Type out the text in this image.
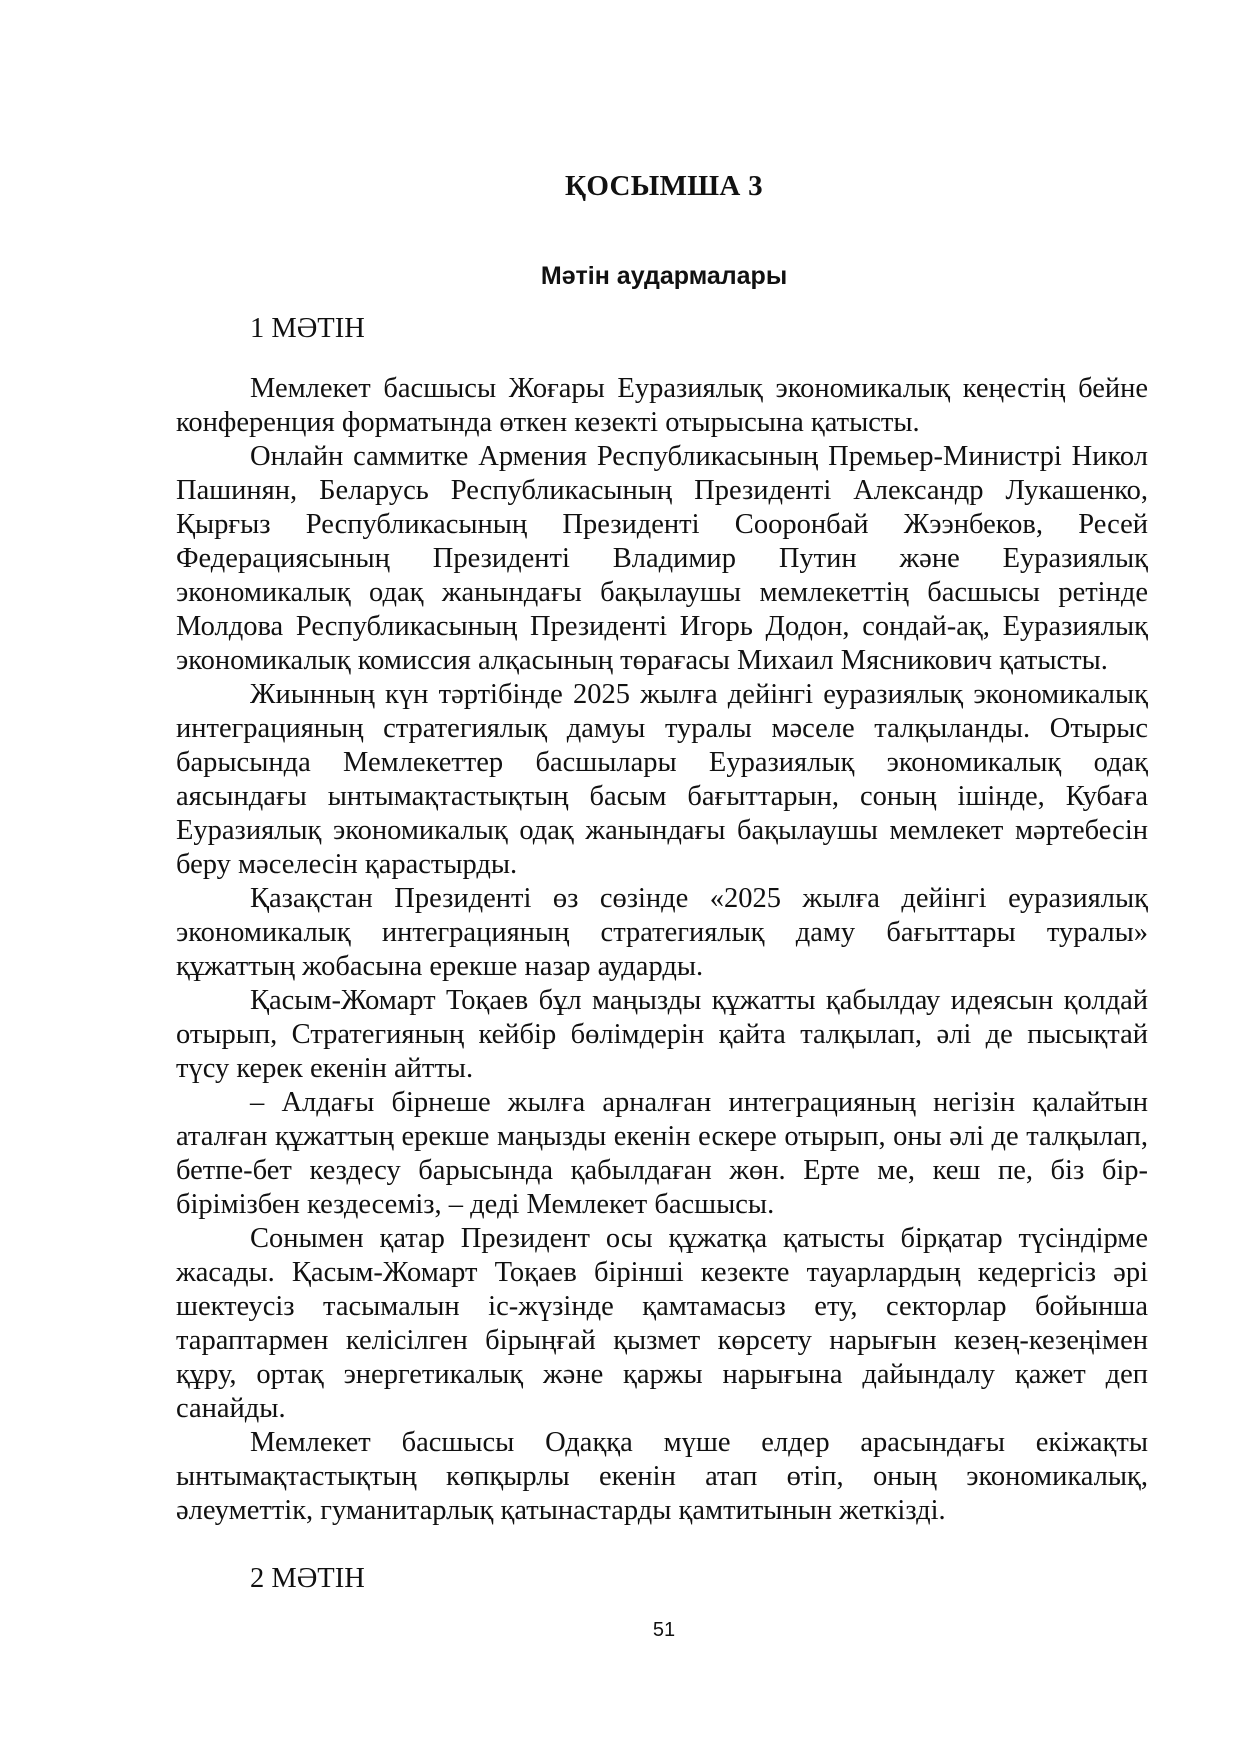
ҚОСЫМША 3
Мәтін аудармалары

1 МӘТІН

Мемлекет басшысы Жоғары Еуразиялық экономикалық кеңестің бейне конференция форматында өткен кезекті отырысына қатысты.

Онлайн саммитке Армения Республикасының Премьер-Министрі Никол Пашинян, Беларусь Республикасының Президенті Александр Лукашенко, Қырғыз Республикасының Президенті Сооронбай Жээнбеков, Ресей Федерациясының Президенті Владимир Путин және Еуразиялық экономикалық одақ жанындағы бақылаушы мемлекеттің басшысы ретінде Молдова Республикасының Президенті Игорь Додон, сондай-ақ, Еуразиялық экономикалық комиссия алқасының төрағасы Михаил Мясникович қатысты.

Жиынның күн тәртібінде 2025 жылға дейінгі еуразиялық экономикалық интеграцияның стратегиялық дамуы туралы мәселе талқыланды. Отырыс барысында Мемлекеттер басшылары Еуразиялық экономикалық одақ аясындағы ынтымақтастықтың басым бағыттарын, соның ішінде, Кубаға Еуразиялық экономикалық одақ жанындағы бақылаушы мемлекет мәртебесін беру мәселесін қарастырды.

Қазақстан Президенті өз сөзінде «2025 жылға дейінгі еуразиялық экономикалық интеграцияның стратегиялық даму бағыттары туралы» құжаттың жобасына ерекше назар аударды.

Қасым-Жомарт Тоқаев бұл маңызды құжатты қабылдау идеясын қолдай отырып, Стратегияның кейбір бөлімдерін қайта талқылап, әлі де пысықтай түсу керек екенін айтты.

– Алдағы бірнеше жылға арналған интеграцияның негізін қалайтын аталған құжаттың ерекше маңызды екенін ескере отырып, оны әлі де талқылап, бетпе-бет кездесу барысында қабылдаған жөн. Ерте ме, кеш пе, біз бір-бірімізбен кездесеміз, – деді Мемлекет басшысы.

Сонымен қатар Президент осы құжатқа қатысты бірқатар түсіндірме жасады. Қасым-Жомарт Тоқаев бірінші кезекте тауарлардың кедергісіз әрі шектеусіз тасымалын іс-жүзінде қамтамасыз ету, секторлар бойынша тараптармен келісілген бірыңғай қызмет көрсету нарығын кезең-кезеңімен құру, ортақ энергетикалық және қаржы нарығына дайындалу қажет деп санайды.

Мемлекет басшысы Одаққа мүше елдер арасындағы екіжақты ынтымақтастықтың көпқырлы екенін атап өтіп, оның экономикалық, әлеуметтік, гуманитарлық қатынастарды қамтитынын жеткізді.

2 МӘТІН

51
